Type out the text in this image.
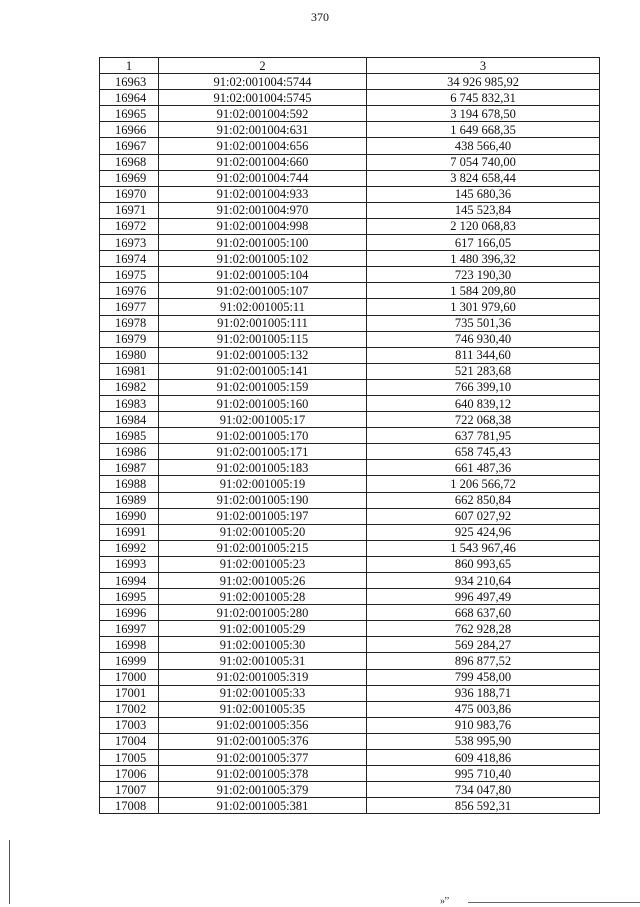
370
1	2	3
16963	91:02:001004:5744	34 926 985,92
16964	91:02:001004:5745	6 745 832,31
16965	91:02:001004:592	3 194 678,50
16966	91:02:001004:631	1 649 668,35
16967	91:02:001004:656	438 566,40
16968	91:02:001004:660	7 054 740,00
16969	91:02:001004:744	3 824 658,44
16970	91:02:001004:933	145 680,36
16971	91:02:001004:970	145 523,84
16972	91:02:001004:998	2 120 068,83
16973	91:02:001005:100	617 166,05
16974	91:02:001005:102	1 480 396,32
16975	91:02:001005:104	723 190,30
16976	91:02:001005:107	1 584 209,80
16977	91:02:001005:11	1 301 979,60
16978	91:02:001005:111	735 501,36
16979	91:02:001005:115	746 930,40
16980	91:02:001005:132	811 344,60
16981	91:02:001005:141	521 283,68
16982	91:02:001005:159	766 399,10
16983	91:02:001005:160	640 839,12
16984	91:02:001005:17	722 068,38
16985	91:02:001005:170	637 781,95
16986	91:02:001005:171	658 745,43
16987	91:02:001005:183	661 487,36
16988	91:02:001005:19	1 206 566,72
16989	91:02:001005:190	662 850,84
16990	91:02:001005:197	607 027,92
16991	91:02:001005:20	925 424,96
16992	91:02:001005:215	1 543 967,46
16993	91:02:001005:23	860 993,65
16994	91:02:001005:26	934 210,64
16995	91:02:001005:28	996 497,49
16996	91:02:001005:280	668 637,60
16997	91:02:001005:29	762 928,28
16998	91:02:001005:30	569 284,27
16999	91:02:001005:31	896 877,52
17000	91:02:001005:319	799 458,00
17001	91:02:001005:33	936 188,71
17002	91:02:001005:35	475 003,86
17003	91:02:001005:356	910 983,76
17004	91:02:001005:376	538 995,90
17005	91:02:001005:377	609 418,86
17006	91:02:001005:378	995 710,40
17007	91:02:001005:379	734 047,80
17008	91:02:001005:381	856 592,31
»ʼʼ
